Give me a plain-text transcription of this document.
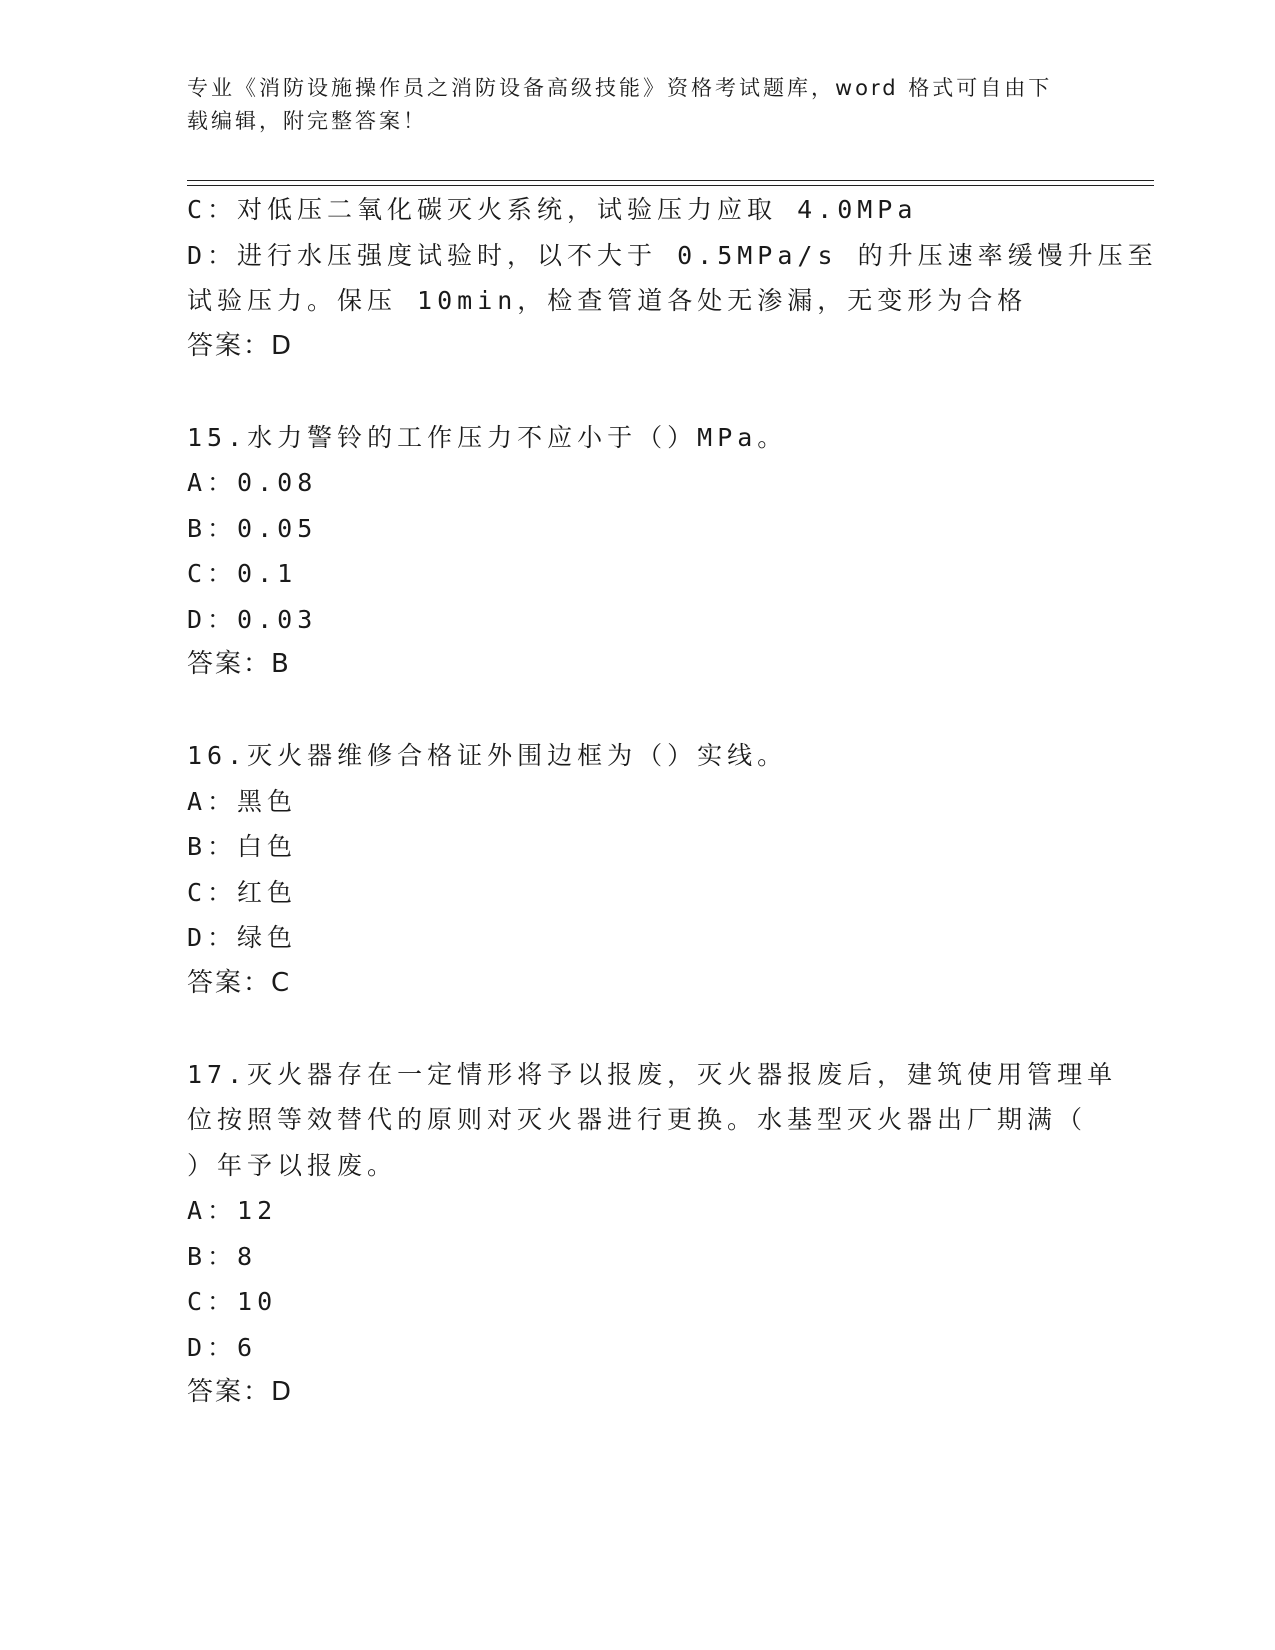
专业《消防设施操作员之消防设备高级技能》资格考试题库，word 格式可自由下载编辑，附完整答案！
C：对低压二氧化碳灭火系统，试验压力应取 4.0MPa
D：进行水压强度试验时，以不大于 0.5MPa/s 的升压速率缓慢升压至
试验压力。保压 10min，检查管道各处无渗漏，无变形为合格
答案：D
15.水力警铃的工作压力不应小于（）MPa。
A：0.08
B：0.05
C：0.1
D：0.03
答案：B
16.灭火器维修合格证外围边框为（）实线。
A：黑色
B：白色
C：红色
D：绿色
答案：C
17.灭火器存在一定情形将予以报废，灭火器报废后，建筑使用管理单
位按照等效替代的原则对灭火器进行更换。水基型灭火器出厂期满（
）年予以报废。
A：12
B：8
C：10
D：6
答案：D
